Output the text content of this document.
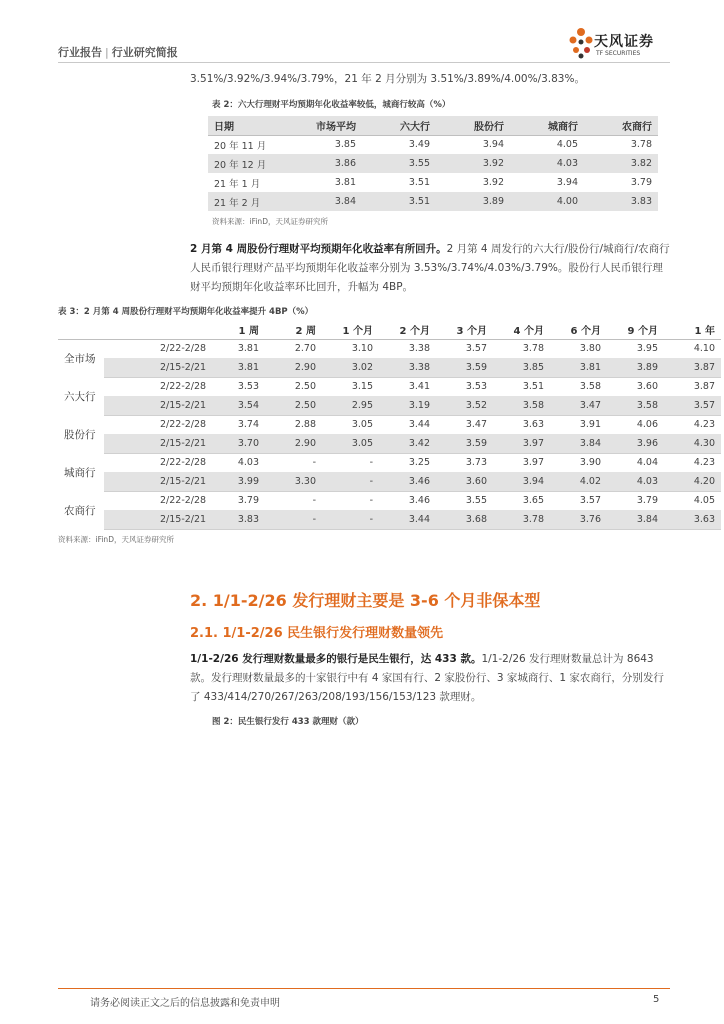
行业报告 | 行业研究简报
天风证券
TF SECURITIES
3.51%/3.92%/3.94%/3.79%，21 年 2 月分别为 3.51%/3.89%/4.00%/3.83%。
表 2：六大行理财平均预期年化收益率较低，城商行较高（%）
日期	市场平均	六大行	股份行	城商行	农商行
20 年 11 月	3.85	3.49	3.94	4.05	3.78
20 年 12 月	3.86	3.55	3.92	4.03	3.82
21 年 1 月	3.81	3.51	3.92	3.94	3.79
21 年 2 月	3.84	3.51	3.89	4.00	3.83
资料来源：iFinD，天风证券研究所
2 月第 4 周股份行理财平均预期年化收益率有所回升。2 月第 4 周发行的六大行/股份行/城商行/农商行人民币银行理财产品平均预期年化收益率分别为 3.53%/3.74%/4.03%/3.79%。股份行人民币银行理财平均预期年化收益率环比回升，升幅为 4BP。
表 3：2 月第 4 周股份行理财平均预期年化收益率提升 4BP（%）
		1 周	2 周	1 个月	2 个月	3 个月	4 个月	6 个月	9 个月	1 年
全市场	2/22-2/28	3.81	2.70	3.10	3.38	3.57	3.78	3.80	3.95	4.10
	2/15-2/21	3.81	2.90	3.02	3.38	3.59	3.85	3.81	3.89	3.87
六大行	2/22-2/28	3.53	2.50	3.15	3.41	3.53	3.51	3.58	3.60	3.87
	2/15-2/21	3.54	2.50	2.95	3.19	3.52	3.58	3.47	3.58	3.57
股份行	2/22-2/28	3.74	2.88	3.05	3.44	3.47	3.63	3.91	4.06	4.23
	2/15-2/21	3.70	2.90	3.05	3.42	3.59	3.97	3.84	3.96	4.30
城商行	2/22-2/28	4.03	-	-	3.25	3.73	3.97	3.90	4.04	4.23
	2/15-2/21	3.99	3.30	-	3.46	3.60	3.94	4.02	4.03	4.20
农商行	2/22-2/28	3.79	-	-	3.46	3.55	3.65	3.57	3.79	4.05
	2/15-2/21	3.83	-	-	3.44	3.68	3.78	3.76	3.84	3.63
资料来源：iFinD，天风证券研究所
2. 1/1-2/26 发行理财主要是 3-6 个月非保本型
2.1. 1/1-2/26 民生银行发行理财数量领先
1/1-2/26 发行理财数量最多的银行是民生银行，达 433 款。1/1-2/26 发行理财数量总计为 8643 款。发行理财数量最多的十家银行中有 4 家国有行、2 家股份行、3 家城商行、1 家农商行，分别发行了 433/414/270/267/263/208/193/156/153/123 款理财。
图 2：民生银行发行 433 款理财（款）
请务必阅读正文之后的信息披露和免责申明	5
